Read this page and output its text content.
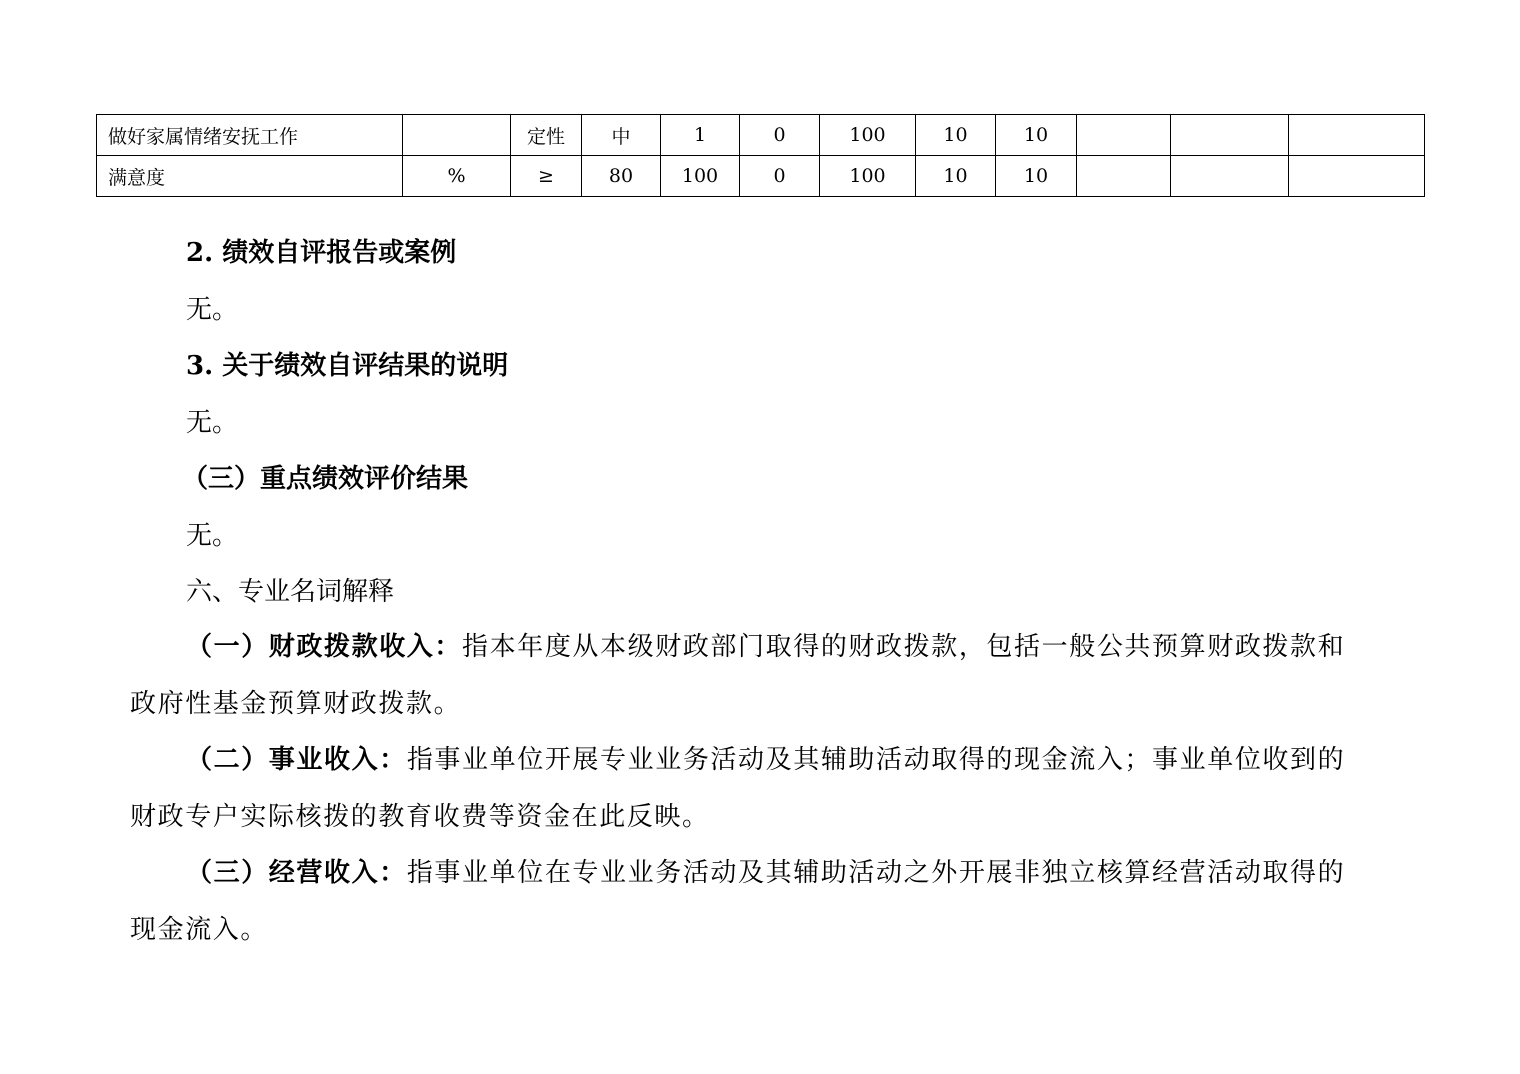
做好家属情绪安抚工作		定性	中	1	0	100	10	10			
满意度	%	≥	80	100	0	100	10	10			
2. 绩效自评报告或案例
无。
3. 关于绩效自评结果的说明
无。
（三）重点绩效评价结果
无。
六、专业名词解释
（一）财政拨款收入：指本年度从本级财政部门取得的财政拨款，包括一般公共预算财政拨款和
政府性基金预算财政拨款。
（二）事业收入：指事业单位开展专业业务活动及其辅助活动取得的现金流入；事业单位收到的
财政专户实际核拨的教育收费等资金在此反映。
（三）经营收入：指事业单位在专业业务活动及其辅助活动之外开展非独立核算经营活动取得的
现金流入。
